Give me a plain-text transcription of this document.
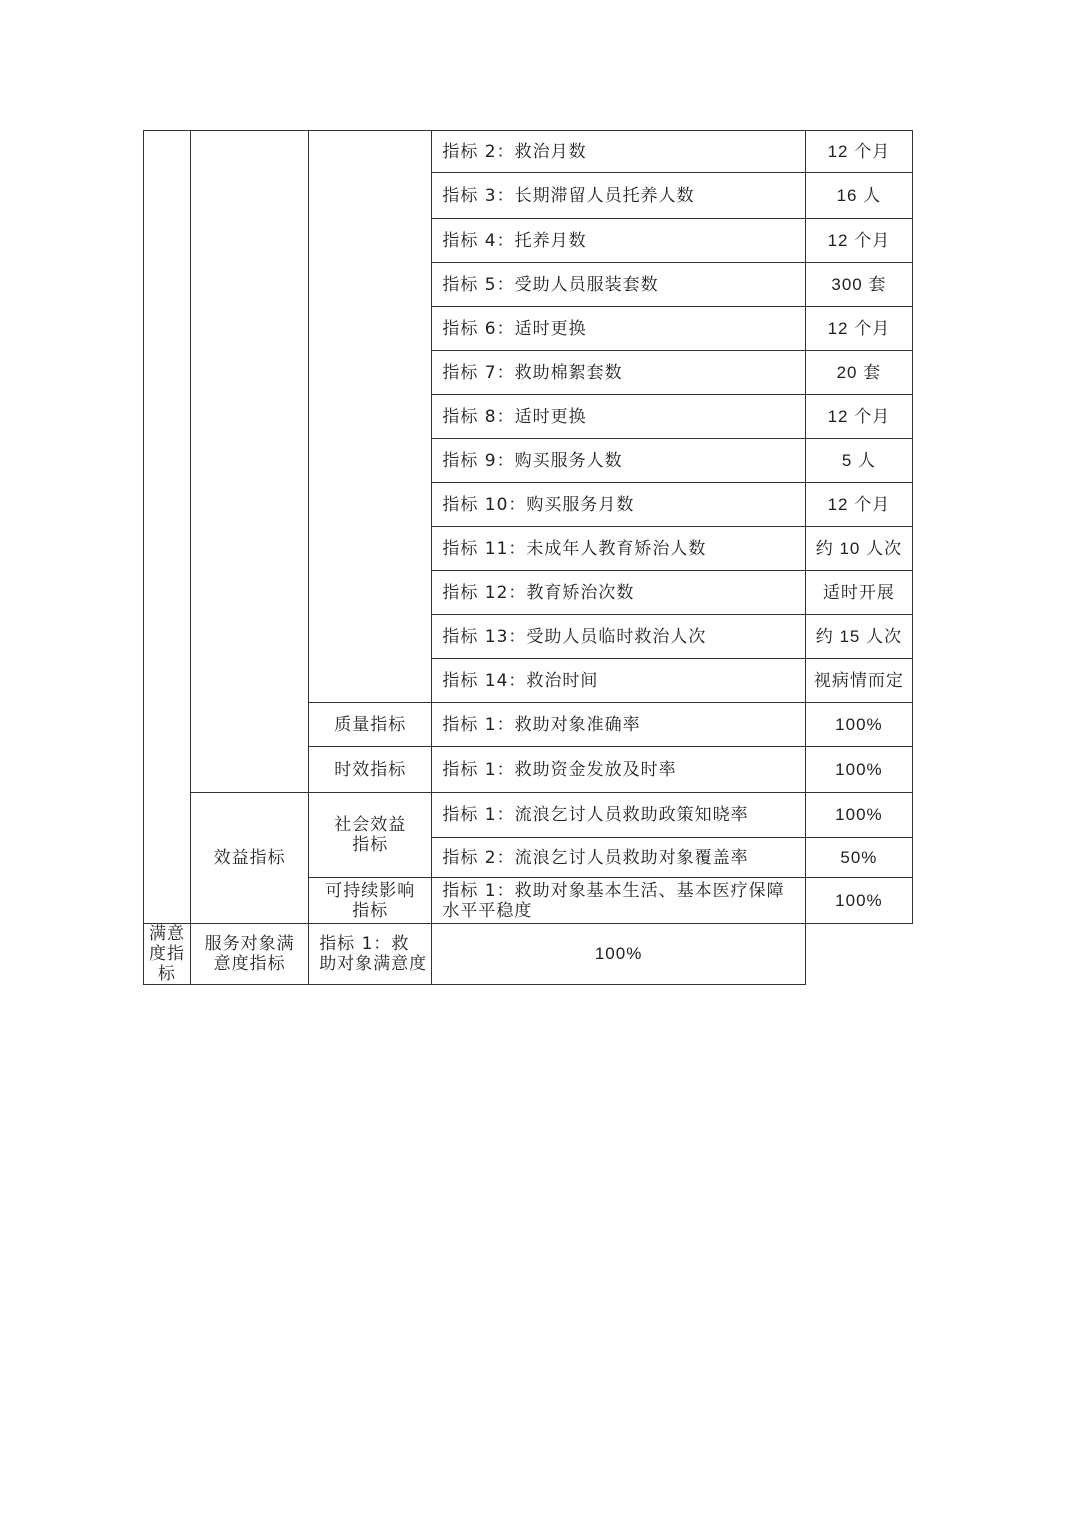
			指标 2：救治月数	12 个月
			指标 3：长期滞留人员托养人数	16 人
			指标 4：托养月数	12 个月
			指标 5：受助人员服装套数	300 套
			指标 6：适时更换	12 个月
			指标 7：救助棉絮套数	20 套
			指标 8：适时更换	12 个月
			指标 9：购买服务人数	5 人
			指标 10：购买服务月数	12 个月
			指标 11：未成年人教育矫治人数	约 10 人次
			指标 12：教育矫治次数	适时开展
			指标 13：受助人员临时救治人次	约 15 人次
			指标 14：救治时间	视病情而定
		质量指标	指标 1：救助对象准确率	100%
		时效指标	指标 1：救助资金发放及时率	100%
	效益指标	社会效益指标	指标 1：流浪乞讨人员救助政策知晓率	100%
			指标 2：流浪乞讨人员救助对象覆盖率	50%
		可持续影响指标	指标 1：救助对象基本生活、基本医疗保障水平平稳度	100%
满意度指标	服务对象满意度指标	指标 1：救助对象满意度	100%	
